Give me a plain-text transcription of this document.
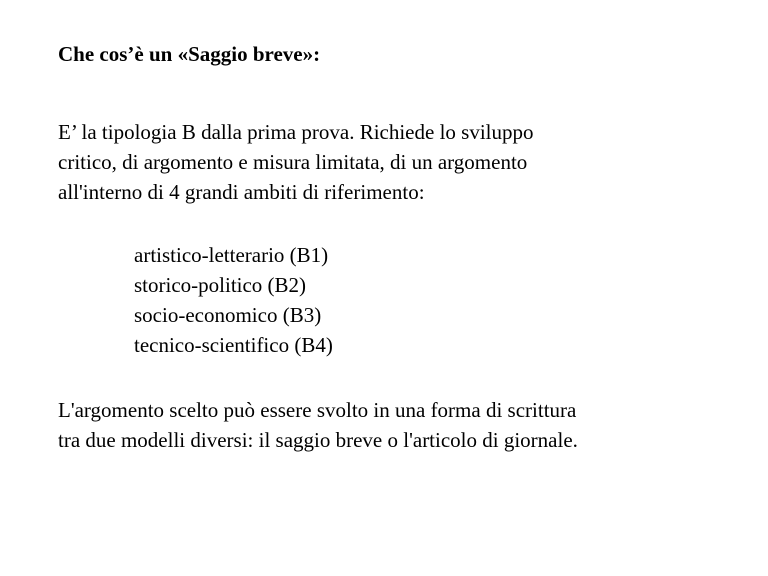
Che cos’è un «Saggio breve»:

E’ la tipologia B dalla prima prova. Richiede lo sviluppo
critico, di argomento e misura limitata, di un argomento
all'interno di 4 grandi ambiti di riferimento:

artistico-letterario (B1)
storico-politico (B2)
socio-economico (B3)
tecnico-scientifico (B4)

L'argomento scelto può essere svolto in una forma di scrittura
tra due modelli diversi: il saggio breve o l'articolo di giornale.
